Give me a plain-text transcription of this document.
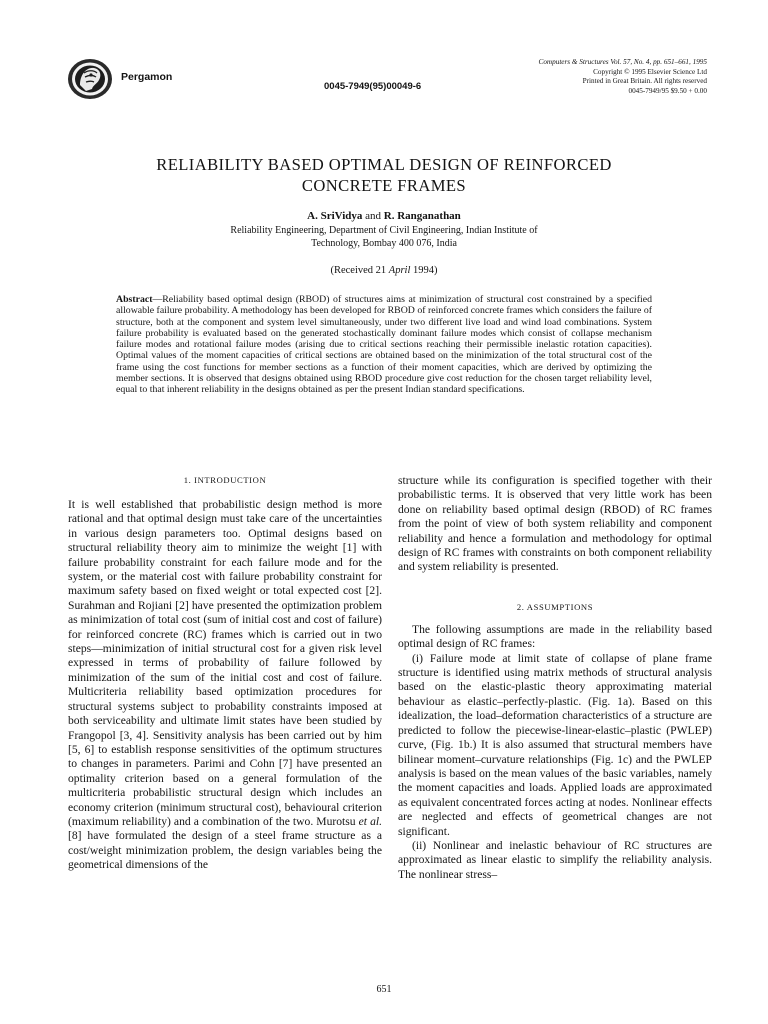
Pergamon
0045-7949(95)00049-6
Computers & Structures Vol. 57, No. 4, pp. 651–661, 1995
Copyright © 1995 Elsevier Science Ltd
Printed in Great Britain. All rights reserved
0045-7949/95 $9.50 + 0.00
RELIABILITY BASED OPTIMAL DESIGN OF REINFORCED
CONCRETE FRAMES
A. SriVidya and R. Ranganathan
Reliability Engineering, Department of Civil Engineering, Indian Institute of Technology, Bombay 400 076, India
(Received 21 April 1994)
Abstract—Reliability based optimal design (RBOD) of structures aims at minimization of structural cost constrained by a specified allowable failure probability. A methodology has been developed for RBOD of reinforced concrete frames which considers the failure of structure, both at the component and system level simultaneously, under two different live load and wind load combinations. System failure probability is evaluated based on the generated stochastically dominant failure modes which consist of collapse mechanism failure modes and rotational failure modes (arising due to critical sections reaching their permissible inelastic rotation capacities). Optimal values of the moment capacities of critical sections are obtained based on the minimization of the total structural cost of the frame using the cost functions for member sections as a function of their moment capacities, which are derived by optimizing the member sections. It is observed that designs obtained using RBOD procedure give cost reduction for the chosen target reliability level, equal to that inherent reliability in the designs obtained as per the present Indian standard specifications.

1. INTRODUCTION

It is well established that probabilistic design method is more rational and that optimal design must take care of the uncertainties in various design parameters too. Optimal designs based on structural reliability theory aim to minimize the weight [1] with failure probability constraint for each failure mode and for the system, or the material cost with failure probability constraint for maximum safety based on fixed weight or total expected cost [2]. Surahman and Rojiani [2] have presented the optimization problem as minimization of total cost (sum of initial cost and cost of failure) for reinforced concrete (RC) frames which is carried out in two steps—minimization of initial structural cost for a given risk level expressed in terms of probability of failure followed by minimization of the sum of the initial cost and cost of failure. Multicriteria reliability based optimization procedures for structural systems subject to probability constraints imposed at both serviceability and ultimate limit states have been studied by Frangopol [3, 4]. Sensitivity analysis has been carried out by him [5, 6] to establish response sensitivities of the optimum structures to changes in parameters. Parimi and Cohn [7] have presented an optimality criterion based on a general formulation of the multicriteria probabilistic structural design which includes an economy criterion (minimum structural cost), behavioural criterion (maximum reliability) and a combination of the two. Murotsu et al. [8] have formulated the design of a steel frame structure as a cost/weight minimization problem, the design variables being the geometrical dimensions of the

structure while its configuration is specified together with their probabilistic terms. It is observed that very little work has been done on reliability based optimal design (RBOD) of RC frames from the point of view of both system reliability and component reliability and hence a formulation and methodology for optimal design of RC frames with constraints on both component reliability and system reliability is presented.

2. ASSUMPTIONS

The following assumptions are made in the reliability based optimal design of RC frames:

(i) Failure mode at limit state of collapse of plane frame structure is identified using matrix methods of structural analysis based on the elastic-plastic theory approximating material behaviour as elastic–perfectly-plastic. (Fig. 1a). Based on this idealization, the load–deformation characteristics of a structure are predicted to follow the piecewise-linear-elastic–plastic (PWLEP) curve, (Fig. 1b.) It is also assumed that structural members have bilinear moment–curvature relationships (Fig. 1c) and the PWLEP analysis is based on the mean values of the basic variables, namely the moment capacities and loads. Applied loads are approximated as equivalent concentrated forces acting at nodes. Nonlinear effects are neglected and effects of geometrical changes are not significant.

(ii) Nonlinear and inelastic behaviour of RC structures are approximated as linear elastic to simplify the reliability analysis. The nonlinear stress–

651
